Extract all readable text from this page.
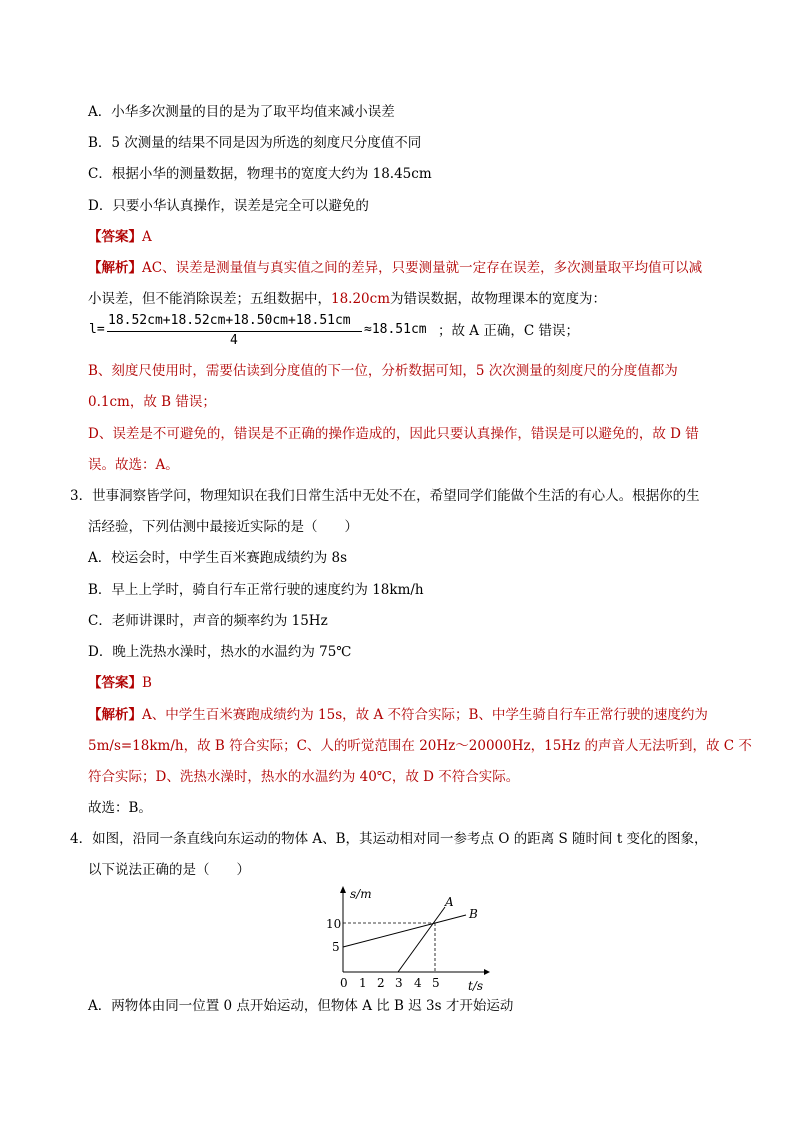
A．小华多次测量的目的是为了取平均值来减小误差
B．5 次测量的结果不同是因为所选的刻度尺分度值不同
C．根据小华的测量数据，物理书的宽度大约为 18.45cm
D．只要小华认真操作，误差是完全可以避免的
【答案】A
【解析】AC、误差是测量值与真实值之间的差异，只要测量就一定存在误差，多次测量取平均值可以减
小误差，但不能消除误差；五组数据中，18.20cm为错误数据，故物理课本的宽度为：
l=
18.52cm+18.52cm+18.50cm+18.51cm
4
≈18.51cm ；故 A 正确，C 错误；
B、刻度尺使用时，需要估读到分度值的下一位，分析数据可知，5 次次测量的刻度尺的分度值都为
0.1cm，故 B 错误；
D、误差是不可避免的，错误是不正确的操作造成的，因此只要认真操作，错误是可以避免的，故 D 错
误。故选：A。
3．世事洞察皆学问，物理知识在我们日常生活中无处不在，希望同学们能做个生活的有心人。根据你的生
活经验，下列估测中最接近实际的是（　　）
A．校运会时，中学生百米赛跑成绩约为 8s
B．早上上学时，骑自行车正常行驶的速度约为 18km/h
C．老师讲课时，声音的频率约为 15Hz
D．晚上洗热水澡时，热水的水温约为 75℃
【答案】B
【解析】A、中学生百米赛跑成绩约为 15s，故 A 不符合实际；B、中学生骑自行车正常行驶的速度约为
5m/s=18km/h，故 B 符合实际；C、人的听觉范围在 20Hz～20000Hz，15Hz 的声音人无法听到，故 C 不
符合实际；D、洗热水澡时，热水的水温约为 40℃，故 D 不符合实际。
故选：B。
4．如图，沿同一条直线向东运动的物体 A、B，其运动相对同一参考点 O 的距离 S 随时间 t 变化的图象，
以下说法正确的是（　　）
s/m
t/s
10
5
0 1 2 3 4 5
A
B
A．两物体由同一位置 0 点开始运动，但物体 A 比 B 迟 3s 才开始运动
